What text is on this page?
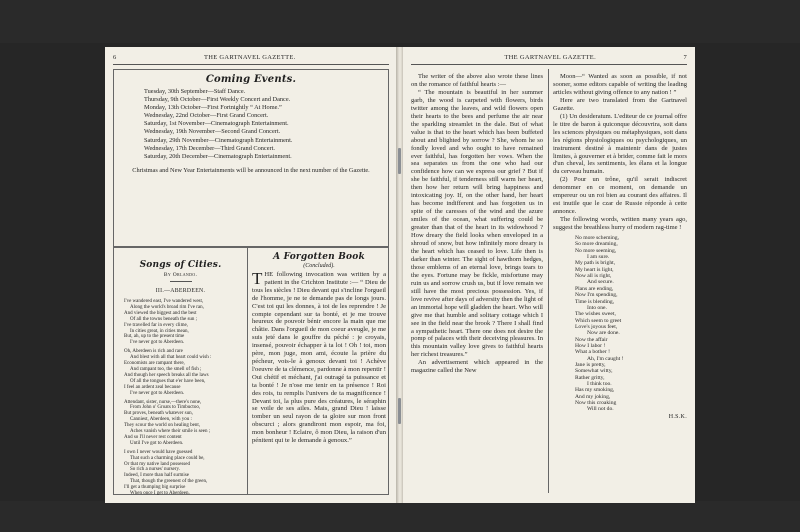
6	THE GARTNAVEL GAZETTE.
Coming Events.
Tuesday, 30th September—Staff Dance.
Thursday, 9th October—First Weekly Concert and Dance.
Monday, 13th October—First Fortnightly “ At Home.”
Wednesday, 22nd October—First Grand Concert.
Saturday, 1st November—Cinematograph Entertainment.
Wednesday, 19th November—Second Grand Concert.
Saturday, 29th November—Cinematograph Entertainment.
Wednesday, 17th December—Third Grand Concert.
Saturday, 20th December—Cinematograph Entertainment.
Christmas and New Year Entertainments will be announced in the next number of the Gazette.
Songs of Cities.
By Orlando.
III.—ABERDEEN.
I've wandered east, I've wandered west,
Along the world's broad rim I've ran,
And viewed the biggest and the best
Of all the towns beneath the sun ;
I've travelled far in every clime,
In cities great, in cities mean,
But, ah, up to the present time
I've never got to Aberdeen.
Oh, Aberdeen is rich and rare
And blest with all that heart could wish :
Economists are rampant there,
And rampant too, the smell of fish ;
And though her speech breaks all the laws
Of all the tongues that e'er have been,
I feel an ardent zeal because
I've never got to Aberdeen.
Attendant, sister, nurse,—there's none,
From John o' Groats to Timbuctoo,
But proves, beneath whatever sun,
Canniest, Aberdeen, with you :
They scour the world on healing bent,
Aches vanish where their smile is seen ;
And so I'll never rest content
Until I've got to Aberdeen.
I own I never would have guessed
That such a charming place could be,
Or that my native land possessed
So rich a nurses' nursery.
Indeed, I more than half surmise
That, though the greenest of the green,
I'll get a thumping big surprise
When once I get to Aberdeen.
A Forgotten Book
(Concluded).
T HE following invocation was written by a patient in the Crichton Institute :— “ Dieu de tous les siècles ! Dieu devant qui s'incline l'orgueil de l'homme, je ne te demande pas de longs jours. C'est toi qui les donnes, à toi de les reprendre ! Je compte cependant sur ta bonté, et je me trouve heureux de pouvoir bénir encore la main que me châtie. Dans l'orgueil de mon coeur aveugle, je me suis jeté dans le gouffre du péché : je croyais, insensé, pouvoir échapper à ta loi ! Oh ! toi, mon père, mon juge, mon ami, écoute la prière du pécheur, vois-le à genoux devant toi ! Achève l'oeuvre de ta clémence, pardonne à mon repentir ! Oui chétif et méchant, j'ai outragé ta puissance et ta bonté ! Je n'ose me tenir en ta présence ! Roi des rois, tu remplis l'univers de ta magnificence ! Devant toi, la plus pure des créatures, le séraphin se voile de ses ailes. Mais, grand Dieu ! laisse tomber un seul rayon de ta gloire sur mon front obscurci ; alors grandiront mon espoir, ma foi, mon bonheur ! Eclaire, ô mon Dieu, la raison d'un pénitent qui te le demande à genoux.”
THE GARTNAVEL GAZETTE.	7

The writer of the above also wrote these lines on the romance of faithful hearts :—

“ The mountain is beautiful in her summer garb, the wood is carpeted with flowers, birds twitter among the leaves, and wild flowers open their hearts to the bees and perfume the air near the sparkling streamlet in the dale. But of what value is that to the heart which has been buffeted about and blighted by sorrow ? She, whom he so fondly loved and who ought to have remained ever faithful, has forgotten her vows. When the sea separates us from the one who had our confidence how can we express our grief ? But if she be faithful, if tenderness still warm her heart, then how her return will bring happiness and intoxicating joy. If, on the other hand, her heart has become indifferent and has forgotten us in spite of the caresses of the wind and the azure smiles of the ocean, what suffering could be greater than that of the heart in its widowhood ? How dreary the field looks when enveloped in a shroud of snow, but how infinitely more dreary is the heart which has ceased to love. Life then is darker than winter. The sight of hawthorn hedges, those emblems of an eternal love, brings tears to the eyes. Fortune may be fickle, misfortune may ruin us and sorrow crush us, but if love remain we still have the most precious possession. Yes, if love revive after days of adversity then the light of an immortal hope will gladden the heart. Who will give me that humble and solitary cottage which I see in the field near the brook ? There I shall find a sympathetic heart. There one does not desire the pomp of palaces with their deceiving pleasures. In this mountain valley love gives to faithful hearts her richest treasures.”

An advertisement which appeared in the magazine called the New

Moon—“ Wanted as soon as possible, if not sooner, some editors capable of writing the leading articles without giving offence to any nation ! ”

Here are two translated from the Gartnavel Gazette.

(1) Un desideratum. L'editeur de ce journal offre le titre de baron à quiconque découvrira, soit dans les sciences physiques ou métaphysiques, soit dans les régions physiologiques ou psychologiques, un instrument destiné à maintenir dans de justes limites, à gouverner et à brider, comme fait le mors d'un cheval, les sentiments, les élans et la longue du cerveau humain.

(2) Pour un trône, qu'il serait indiscret denommer en ce moment, on demande un empereur ou un roi bien au courant des affaires. Il est inutile que le czar de Russie réponde à cette annonce.

The following words, written many years ago, suggest the breathless hurry of modern rag-time !

No more scheming,
So more dreaming,
No more seeming,
I am sure.
My path is bright,
My heart is light,
Now all is right,
And secure.
Plans are ending,
Now I'm spending,
Time is blending,
Into one.
The wishes sweet,
Which seem to greet
Love's joyous feet,
Now are done.
Now the affair
How I labor !
What a bother !
Ah, I'm caught !
Jane is pretty,
Somewhat witty,
Rather gritty,
I think too.
Has my smoking,
And my joking,
Now this croaking
Will not do.
H.S.K.
